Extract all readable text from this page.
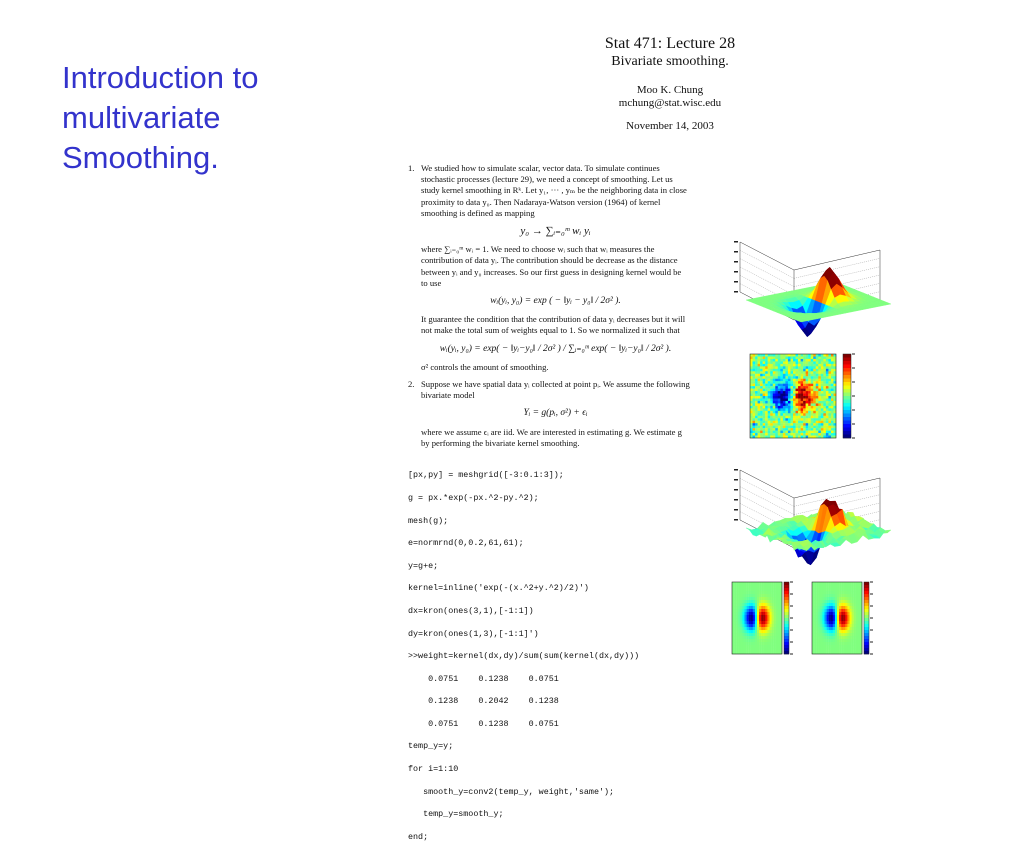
Introduction to
multivariate
Smoothing.
Stat 471: Lecture 28
Bivariate smoothing.
Moo K. Chung
mchung@stat.wisc.edu
November 14, 2003
1. We studied how to simulate scalar, vector data. To simulate continues stochastic processes (lecture 29), we need a concept of smoothing. Let us study kernel smoothing in Rᵏ. Let y₁, ··· , yₘ be the neighboring data in close proximity to data y₀. Then Nadaraya-Watson version (1964) of kernel smoothing is defined as mapping

y₀ → ∑ᵢ₌₀ᵐ wᵢ yᵢ

where ∑ᵢ₌₀ᵐ wᵢ = 1. We need to choose wᵢ such that wᵢ measures the contribution of data yᵢ. The contribution should be decrease as the distance between yᵢ and y₀ increases. So our first guess in designing kernel would be to use

wᵢ(yᵢ, y₀) = exp ( − ‖yᵢ − y₀‖ / 2σ² ).

It guarantee the condition that the contribution of data yᵢ decreases but it will not make the total sum of weights equal to 1. So we normalized it such that

wᵢ(yᵢ, y₀) = exp( − ‖yᵢ−y₀‖ / 2σ² ) / ∑ᵢ₌₀ᵐ exp( − ‖yᵢ−y₀‖ / 2σ² ).

σ² controls the amount of smoothing.

2. Suppose we have spatial data yᵢ collected at point pᵢ. We assume the following bivariate model

Yᵢ = g(pᵢ, σ²) + ϵᵢ

where we assume ϵᵢ are iid. We are interested in estimating g. We estimate g by performing the bivariate kernel smoothing.

[px,py] = meshgrid([-3:0.1:3]);

g = px.*exp(-px.^2-py.^2);

mesh(g);

e=normrnd(0,0.2,61,61);

y=g+e;

kernel=inline('exp(-(x.^2+y.^2)/2)')

dx=kron(ones(3,1),[-1:1])

dy=kron(ones(1,3),[-1:1]')

>>weight=kernel(dx,dy)/sum(sum(kernel(dx,dy)))

0.0751    0.1238    0.0751

0.1238    0.2042    0.1238

0.0751    0.1238    0.0751

temp_y=y;

for i=1:10

smooth_y=conv2(temp_y, weight,'same');

temp_y=smooth_y;

end;
